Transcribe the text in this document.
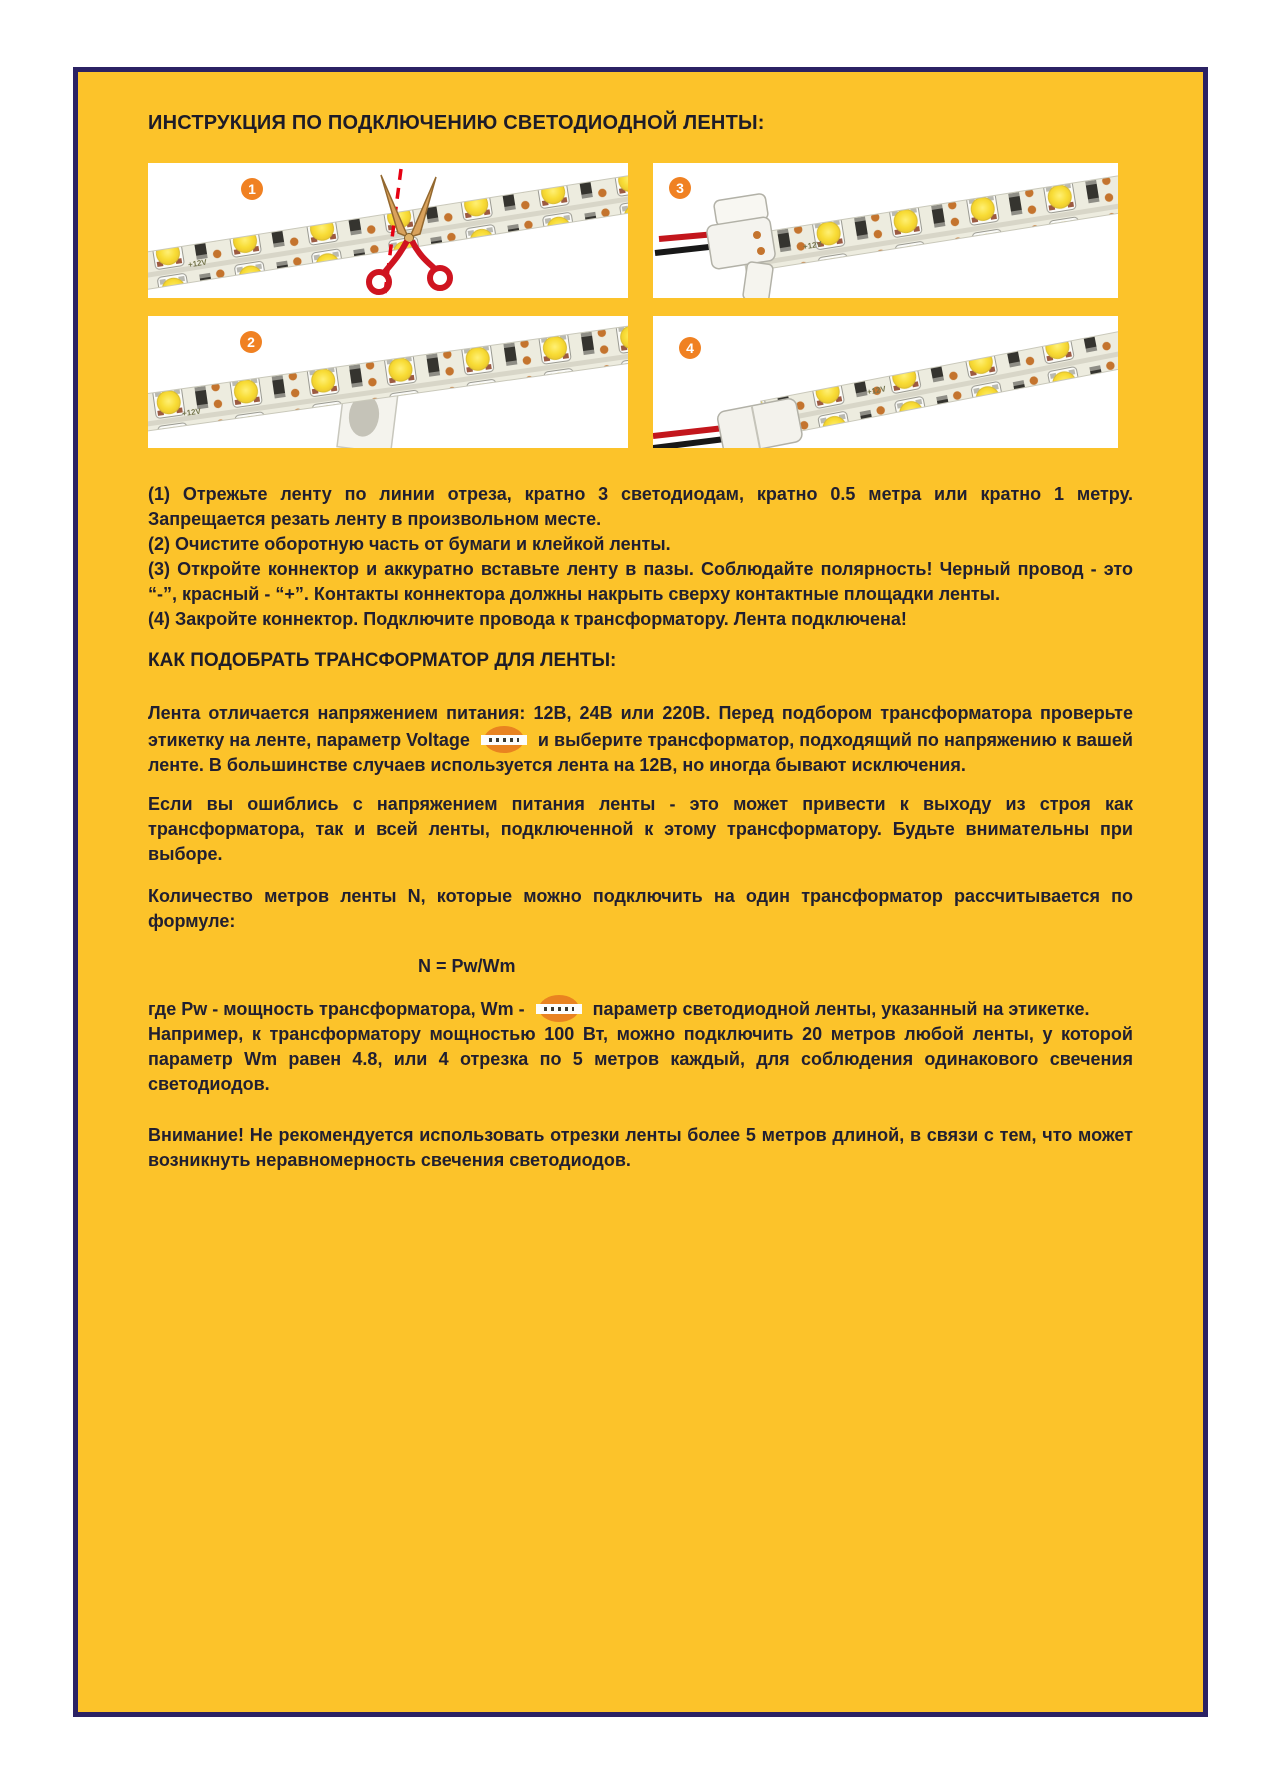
ИНСТРУКЦИЯ ПО ПОДКЛЮЧЕНИЮ СВЕТОДИОДНОЙ ЛЕНТЫ:
+12V
1
+12V
3
+12V
2
+12V
4

(1) Отрежьте ленту по линии отреза, кратно 3 светодиодам, кратно 0.5 метра или кратно 1 метру. Запрещается резать ленту в произвольном месте.

(2) Очистите оборотную часть от бумаги и клейкой ленты.

(3) Откройте коннектор и аккуратно вставьте ленту в пазы. Соблюдайте полярность! Черный провод - это “-”, красный - “+”. Контакты коннектора должны накрыть сверху контактные площадки ленты.

(4) Закройте коннектор. Подключите провода к трансформатору. Лента подключена!

КАК ПОДОБРАТЬ ТРАНСФОРМАТОР ДЛЯ ЛЕНТЫ:

Лента отличается напряжением питания: 12В, 24В или 220В. Перед подбором трансформатора проверьте этикетку на ленте, параметр Voltage	и выберите трансформатор, подходящий по напряжению к вашей ленте. В большинстве случаев используется лента на 12В, но иногда бывают исключения.

Если вы ошиблись с напряжением питания ленты - это может привести к выходу из строя как трансформатора, так и всей ленты, подключенной к этому трансформатору. Будьте внимательны при выборе.

Количество метров ленты N, которые можно подключить на один трансформатор рассчитывается по формуле:

N = Pw/Wm

где Pw - мощность трансформатора, Wm -	параметр светодиодной ленты, указанный на этикетке.

Например, к трансформатору мощностью 100 Вт, можно подключить 20 метров любой ленты, у которой параметр Wm равен 4.8, или 4 отрезка по 5 метров каждый, для соблюдения одинакового свечения светодиодов.

Внимание! Не рекомендуется использовать отрезки ленты более 5 метров длиной, в связи с тем, что может возникнуть неравномерность свечения светодиодов.
